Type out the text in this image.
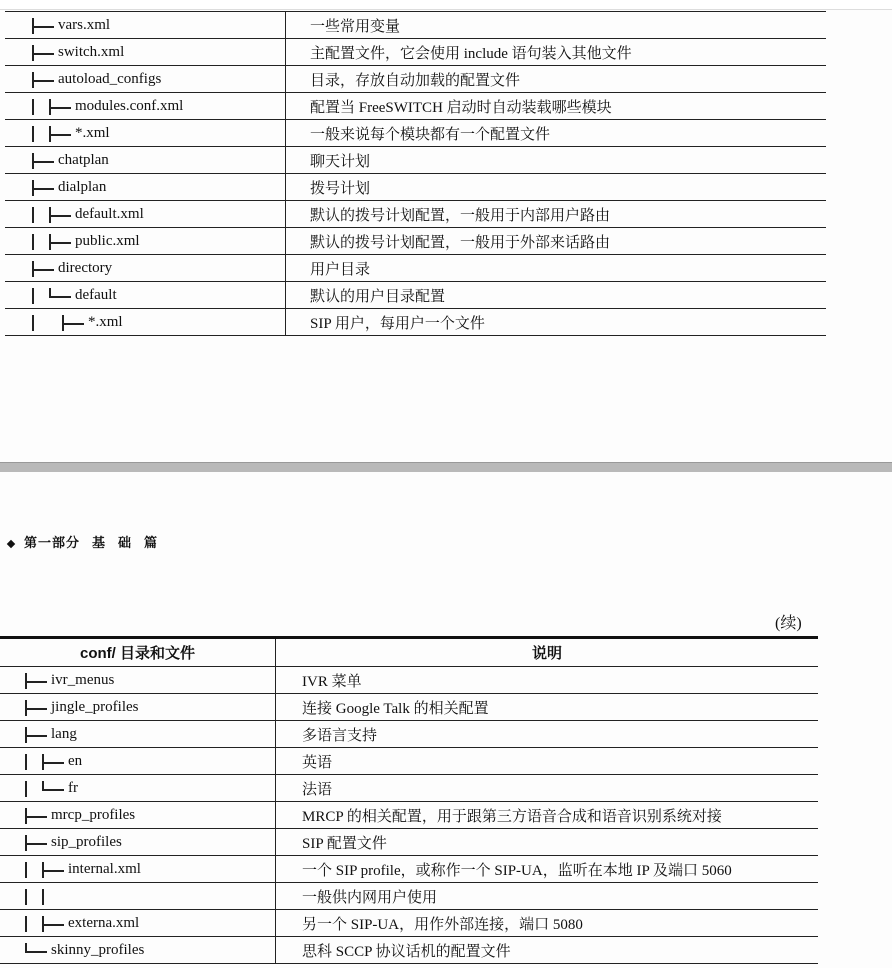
vars.xml	一些常用变量

switch.xml	主配置文件，它会使用 include 语句装入其他文件

autoload_configs	目录，存放自动加载的配置文件

modules.conf.xml	配置当 FreeSWITCH 启动时自动装载哪些模块

*.xml	一般来说每个模块都有一个配置文件

chatplan	聊天计划

dialplan	拨号计划

default.xml	默认的拨号计划配置，一般用于内部用户路由

public.xml	默认的拨号计划配置，一般用于外部来话路由

directory	用户目录

default	默认的用户目录配置

*.xml	SIP 用户，每用户一个文件
第一部分 基 础 篇
(续)
conf/ 目录和文件	说明

ivr_menus	IVR 菜单

jingle_profiles	连接 Google Talk 的相关配置

lang	多语言支持

en	英语

fr	法语

mrcp_profiles	MRCP 的相关配置，用于跟第三方语音合成和语音识别系统对接

sip_profiles	SIP 配置文件

internal.xml	一个 SIP profile，或称作一个 SIP-UA，监听在本地 IP 及端口 5060

	一般供内网用户使用

externa.xml	另一个 SIP-UA，用作外部连接，端口 5080

skinny_profiles	思科 SCCP 协议话机的配置文件
